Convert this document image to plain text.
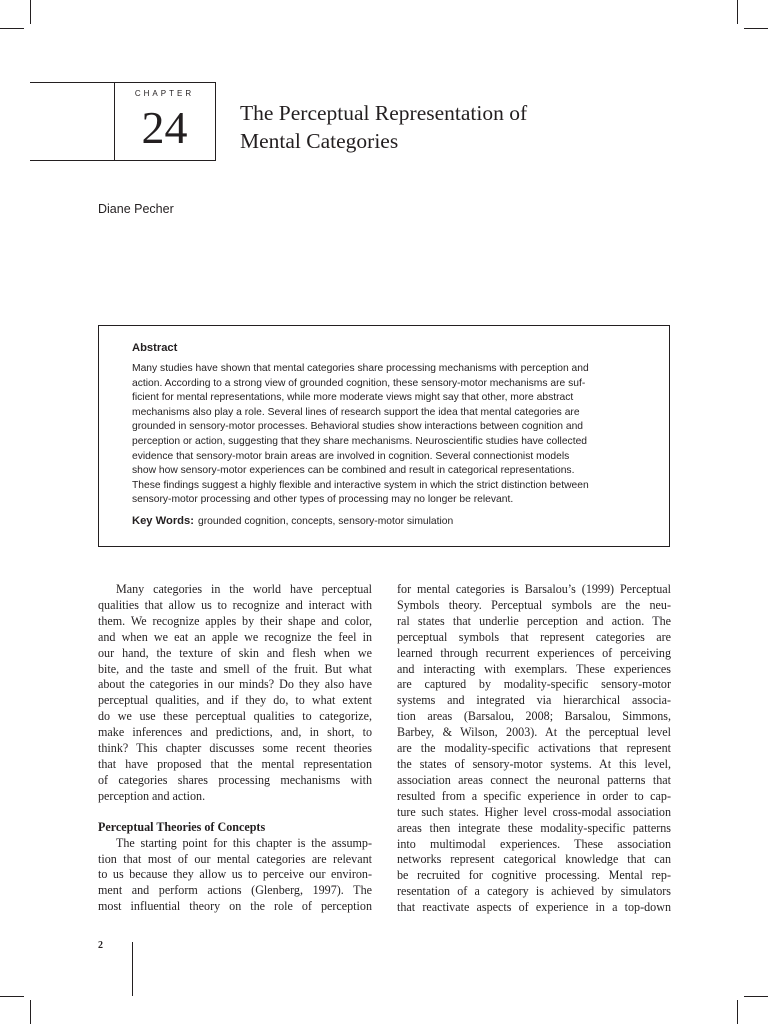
CHAPTER
24	The Perceptual Representation of
Mental Categories
Diane Pecher
Abstract

Many studies have shown that mental categories share processing mechanisms with perception and
action. According to a strong view of grounded cognition, these sensory-motor mechanisms are suf-
ficient for mental representations, while more moderate views might say that other, more abstract
mechanisms also play a role. Several lines of research support the idea that mental categories are
grounded in sensory-motor processes. Behavioral studies show interactions between cognition and
perception or action, suggesting that they share mechanisms. Neuroscientific studies have collected
evidence that sensory-motor brain areas are involved in cognition. Several connectionist models
show how sensory-motor experiences can be combined and result in categorical representations.
These findings suggest a highly flexible and interactive system in which the strict distinction between
sensory-motor processing and other types of processing may no longer be relevant.

Key Words: grounded cognition, concepts, sensory-motor simulation
Many categories in the world have perceptual
qualities that allow us to recognize and interact with
them. We recognize apples by their shape and color,
and when we eat an apple we recognize the feel in
our hand, the texture of skin and flesh when we
bite, and the taste and smell of the fruit. But what
about the categories in our minds? Do they also have
perceptual qualities, and if they do, to what extent
do we use these perceptual qualities to categorize,
make inferences and predictions, and, in short, to
think? This chapter discusses some recent theories
that have proposed that the mental representation
of categories shares processing mechanisms with
perception and action.
Perceptual Theories of Concepts
The starting point for this chapter is the assump-
tion that most of our mental categories are relevant
to us because they allow us to perceive our environ-
ment and perform actions (Glenberg, 1997). The
most influential theory on the role of perception
for mental categories is Barsalou’s (1999) Perceptual
Symbols theory. Perceptual symbols are the neu-
ral states that underlie perception and action. The
perceptual symbols that represent categories are
learned through recurrent experiences of perceiving
and interacting with exemplars. These experiences
are captured by modality-specific sensory-motor
systems and integrated via hierarchical associa-
tion areas (Barsalou, 2008; Barsalou, Simmons,
Barbey, & Wilson, 2003). At the perceptual level
are the modality-specific activations that represent
the states of sensory-motor systems. At this level,
association areas connect the neuronal patterns that
resulted from a specific experience in order to cap-
ture such states. Higher level cross-modal association
areas then integrate these modality-specific patterns
into multimodal experiences. These association
networks represent categorical knowledge that can
be recruited for cognitive processing. Mental rep-
resentation of a category is achieved by simulators
that reactivate aspects of experience in a top-down
2
